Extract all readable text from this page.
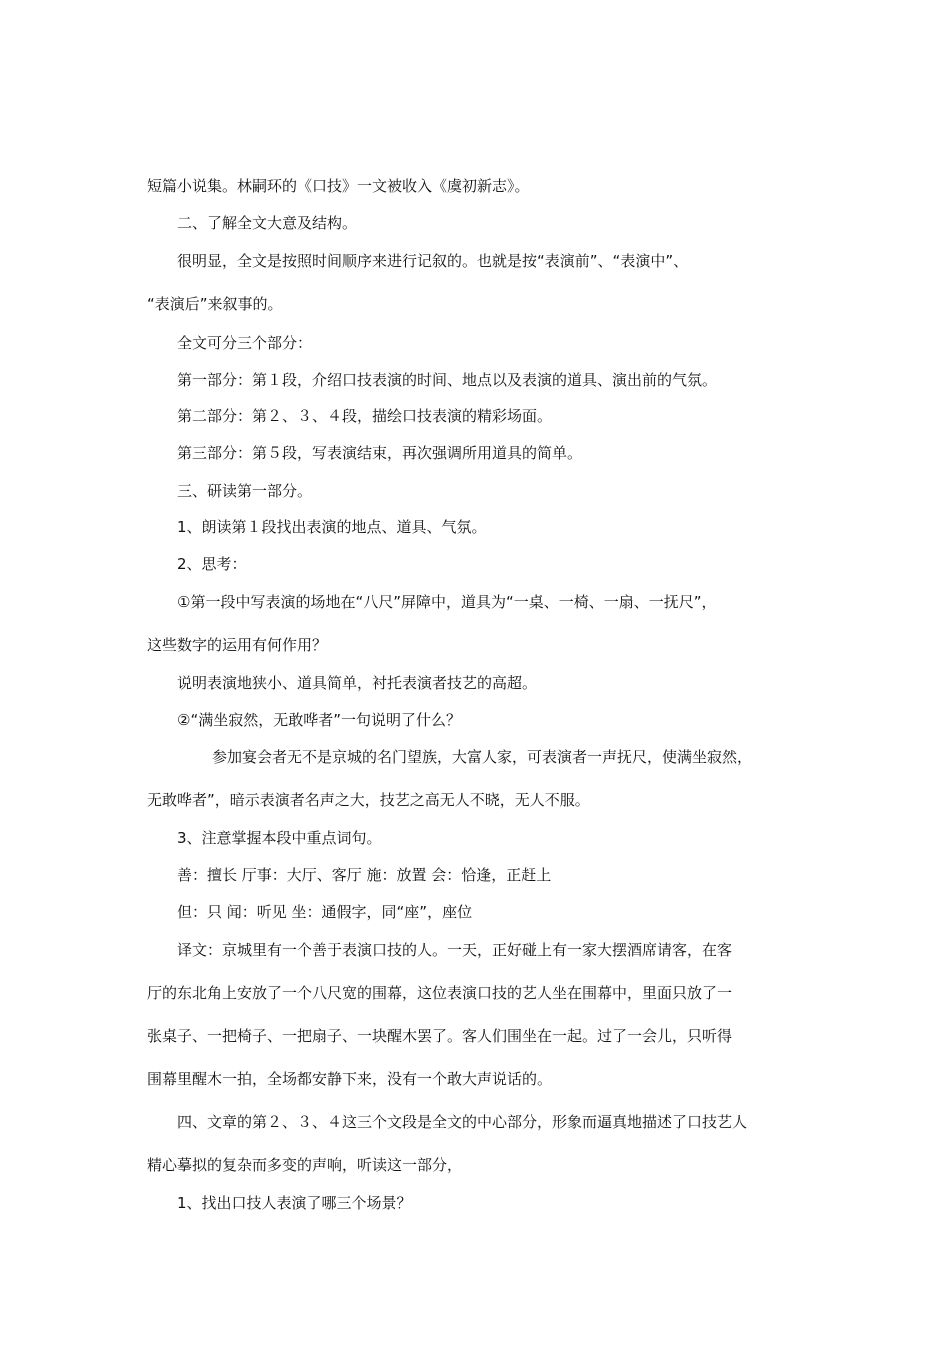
短篇小说集。林嗣环的《口技》一文被收入《虞初新志》。
二、了解全文大意及结构。
很明显，全文是按照时间顺序来进行记叙的。也就是按“表演前”、“表演中”、
“表演后”来叙事的。
全文可分三个部分：
第一部分：第１段，介绍口技表演的时间、地点以及表演的道具、演出前的气氛。
第二部分：第２、３、４段，描绘口技表演的精彩场面。
第三部分：第５段，写表演结束，再次强调所用道具的简单。
三、研读第一部分。
1、朗读第１段找出表演的地点、道具、气氛。
2、思考：
①第一段中写表演的场地在“八尺”屏障中，道具为“一桌、一椅、一扇、一抚尺”，
这些数字的运用有何作用？
说明表演地狭小、道具简单，衬托表演者技艺的高超。
②“满坐寂然，无敢哗者”一句说明了什么？
参加宴会者无不是京城的名门望族，大富人家，可表演者一声抚尺，使满坐寂然，
无敢哗者”，暗示表演者名声之大，技艺之高无人不晓，无人不服。
3、注意掌握本段中重点词句。
善：擅长 厅事：大厅、客厅 施：放置 会：恰逢，正赶上
但：只 闻：听见 坐：通假字，同“座”，座位
译文：京城里有一个善于表演口技的人。一天，正好碰上有一家大摆酒席请客，在客
厅的东北角上安放了一个八尺宽的围幕，这位表演口技的艺人坐在围幕中，里面只放了一
张桌子、一把椅子、一把扇子、一块醒木罢了。客人们围坐在一起。过了一会儿，只听得
围幕里醒木一拍，全场都安静下来，没有一个敢大声说话的。
四、文章的第２、３、４这三个文段是全文的中心部分，形象而逼真地描述了口技艺人
精心摹拟的复杂而多变的声响，听读这一部分，
1、找出口技人表演了哪三个场景？
